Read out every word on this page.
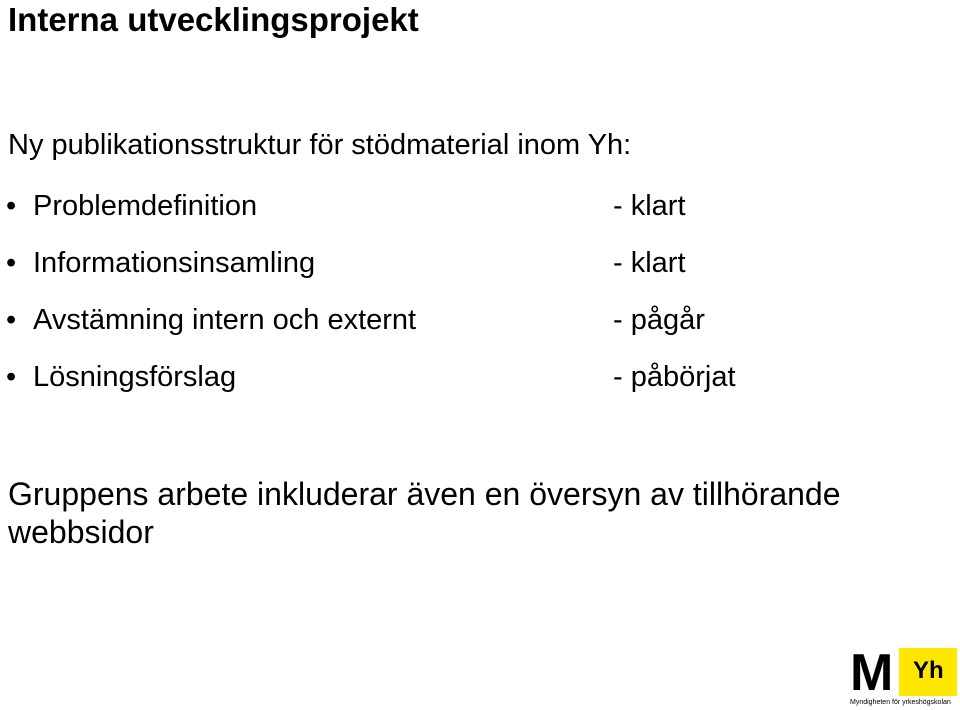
Interna utvecklingsprojekt
Ny publikationsstruktur för stödmaterial inom Yh:
• Problemdefinition	- klart
• Informationsinsamling	- klart
• Avstämning intern och externt	- pågår
• Lösningsförslag	- påbörjat
Gruppens arbete inkluderar även en översyn av tillhörande webbsidor
M Yh
Myndigheten för yrkeshögskolan
